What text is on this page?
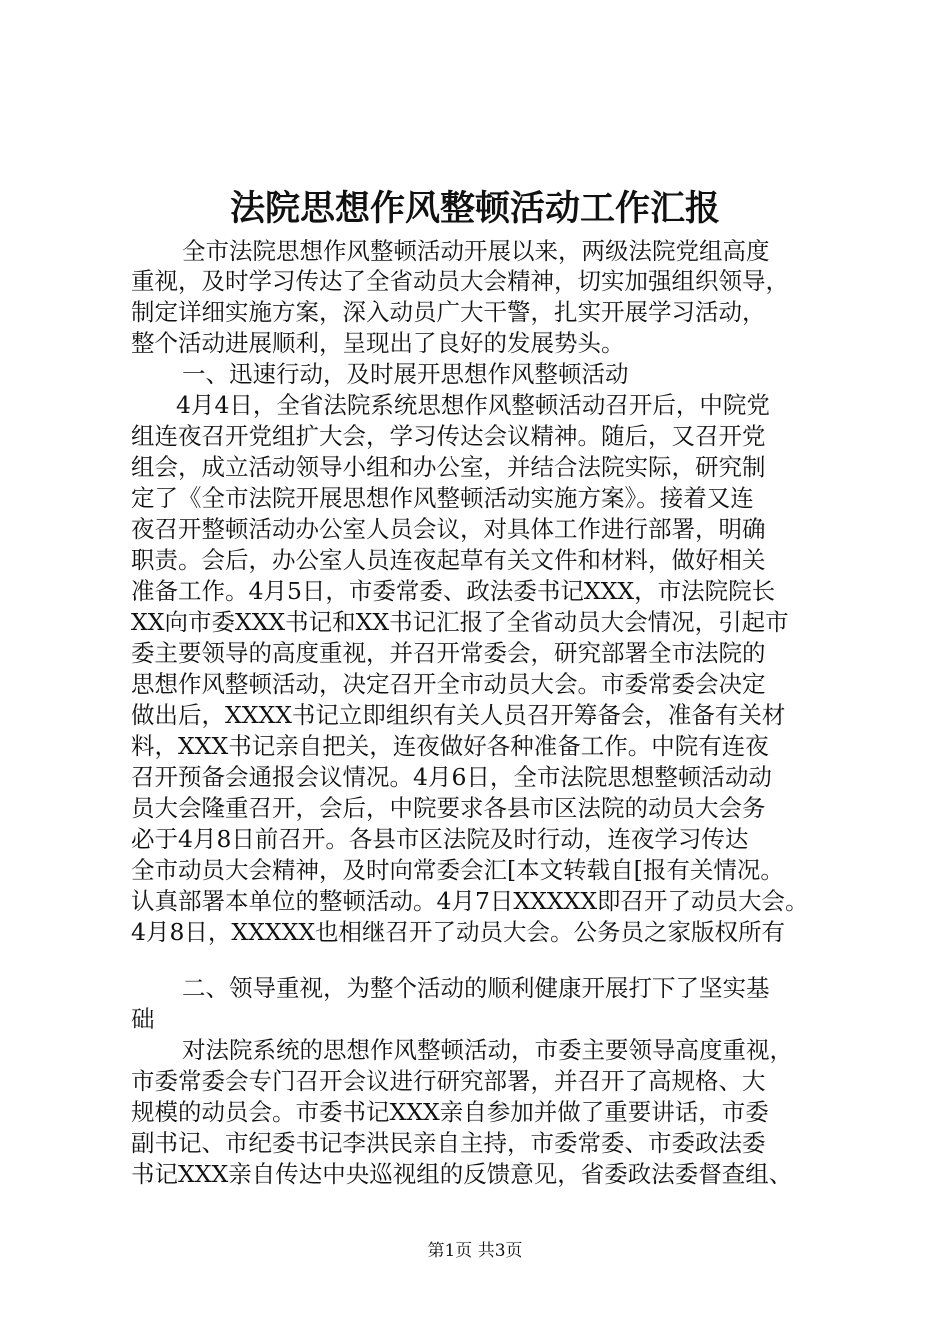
法院思想作风整顿活动工作汇报
全市法院思想作风整顿活动开展以来，两级法院党组高度
重视，及时学习传达了全省动员大会精神，切实加强组织领导，
制定详细实施方案，深入动员广大干警，扎实开展学习活动，
整个活动进展顺利，呈现出了良好的发展势头。
一、迅速行动，及时展开思想作风整顿活动
4月4日，全省法院系统思想作风整顿活动召开后，中院党
组连夜召开党组扩大会，学习传达会议精神。随后，又召开党
组会，成立活动领导小组和办公室，并结合法院实际，研究制
定了《全市法院开展思想作风整顿活动实施方案》。接着又连
夜召开整顿活动办公室人员会议，对具体工作进行部署，明确
职责。会后，办公室人员连夜起草有关文件和材料，做好相关
准备工作。4月5日，市委常委、政法委书记XXX，市法院院长
XX向市委XXX书记和XX书记汇报了全省动员大会情况，引起市
委主要领导的高度重视，并召开常委会，研究部署全市法院的
思想作风整顿活动，决定召开全市动员大会。市委常委会决定
做出后，XXXX书记立即组织有关人员召开筹备会，准备有关材
料，XXX书记亲自把关，连夜做好各种准备工作。中院有连夜
召开预备会通报会议情况。4月6日，全市法院思想整顿活动动
员大会隆重召开，会后，中院要求各县市区法院的动员大会务
必于4月8日前召开。各县市区法院及时行动，连夜学习传达
全市动员大会精神，及时向常委会汇[本文转载自[报有关情况。
认真部署本单位的整顿活动。4月7日XXXXX即召开了动员大会。
4月8日，XXXXX也相继召开了动员大会。公务员之家版权所有
二、领导重视，为整个活动的顺利健康开展打下了坚实基
础
对法院系统的思想作风整顿活动，市委主要领导高度重视，
市委常委会专门召开会议进行研究部署，并召开了高规格、大
规模的动员会。市委书记XXX亲自参加并做了重要讲话，市委
副书记、市纪委书记李洪民亲自主持，市委常委、市委政法委
书记XXX亲自传达中央巡视组的反馈意见，省委政法委督查组、
第1页 共3页
